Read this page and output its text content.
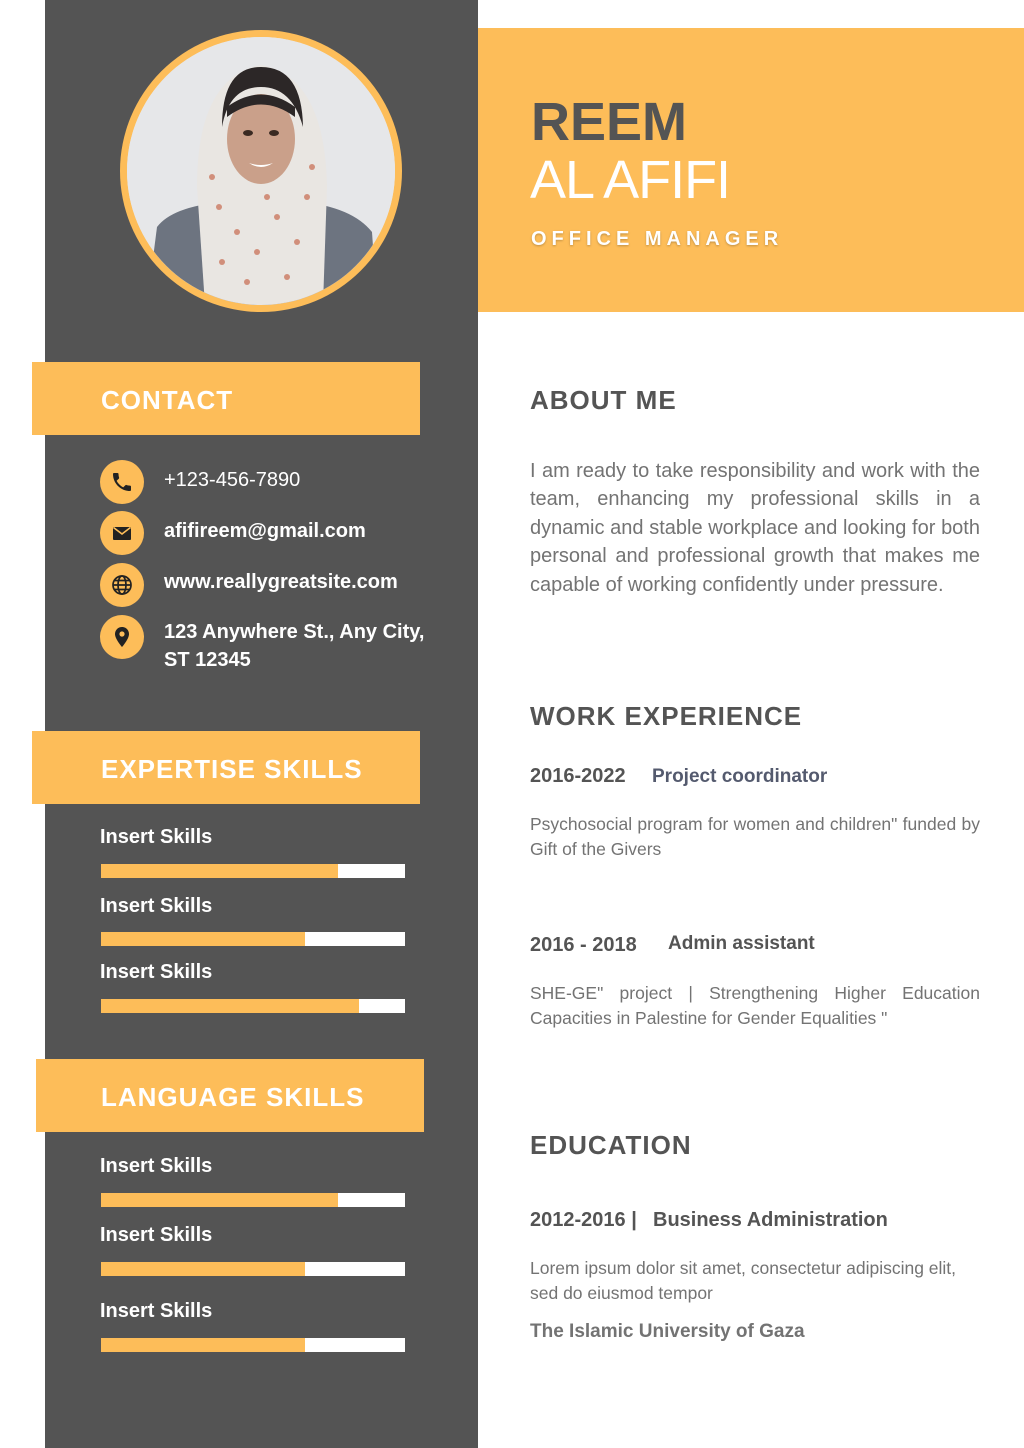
CONTACT
+123-456-7890
afifireem@gmail.com
www.reallygreatsite.com
123 Anywhere St., Any City,
ST 12345
EXPERTISE SKILLS
Insert Skills
Insert Skills
Insert Skills
LANGUAGE SKILLS
Insert Skills
Insert Skills
Insert Skills
REEM
AL AFIFI
OFFICE MANAGER
ABOUT ME
I am ready to take responsibility and work with the team, enhancing my professional skills in a dynamic and stable workplace and looking for both personal and professional growth that makes me capable of working confidently under pressure.
WORK EXPERIENCE
2016-2022 Project coordinator
Psychosocial program for women and children" funded by Gift of the Givers
2016 - 2018 Admin assistant
SHE-GE" project | Strengthening Higher Education Capacities in Palestine for Gender Equalities "
EDUCATION
2012-2016 | Business Administration
Lorem ipsum dolor sit amet, consectetur adipiscing elit, sed do eiusmod tempor
The Islamic University of Gaza
